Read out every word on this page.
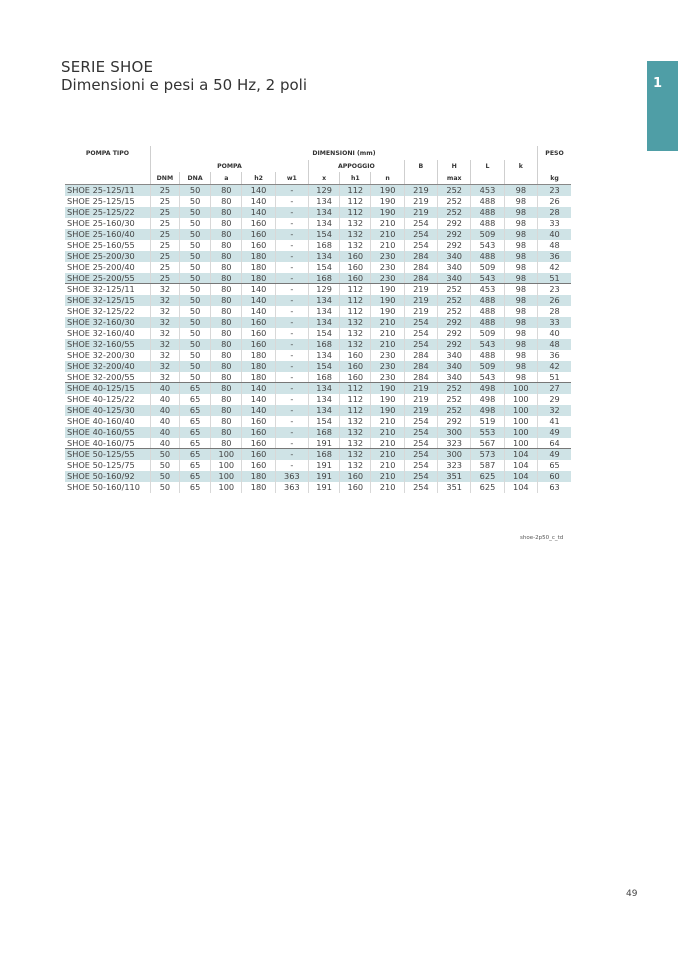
SERIE SHOE
Dimensioni e pesi a 50 Hz, 2 poli	1
POMPA TIPO	DIMENSIONI (mm)												PESO
	POMPA					APPOGGIO			B	H	L	k	
	DNM	DNA	a	h2	w1	x	h1	n		max			kg
SHOE 25-125/11	25	50	80	140	-	129	112	190	219	252	453	98	23
SHOE 25-125/15	25	50	80	140	-	134	112	190	219	252	488	98	26
SHOE 25-125/22	25	50	80	140	-	134	112	190	219	252	488	98	28
SHOE 25-160/30	25	50	80	160	-	134	132	210	254	292	488	98	33
SHOE 25-160/40	25	50	80	160	-	154	132	210	254	292	509	98	40
SHOE 25-160/55	25	50	80	160	-	168	132	210	254	292	543	98	48
SHOE 25-200/30	25	50	80	180	-	134	160	230	284	340	488	98	36
SHOE 25-200/40	25	50	80	180	-	154	160	230	284	340	509	98	42
SHOE 25-200/55	25	50	80	180	-	168	160	230	284	340	543	98	51
SHOE 32-125/11	32	50	80	140	-	129	112	190	219	252	453	98	23
SHOE 32-125/15	32	50	80	140	-	134	112	190	219	252	488	98	26
SHOE 32-125/22	32	50	80	140	-	134	112	190	219	252	488	98	28
SHOE 32-160/30	32	50	80	160	-	134	132	210	254	292	488	98	33
SHOE 32-160/40	32	50	80	160	-	154	132	210	254	292	509	98	40
SHOE 32-160/55	32	50	80	160	-	168	132	210	254	292	543	98	48
SHOE 32-200/30	32	50	80	180	-	134	160	230	284	340	488	98	36
SHOE 32-200/40	32	50	80	180	-	154	160	230	284	340	509	98	42
SHOE 32-200/55	32	50	80	180	-	168	160	230	284	340	543	98	51
SHOE 40-125/15	40	65	80	140	-	134	112	190	219	252	498	100	27
SHOE 40-125/22	40	65	80	140	-	134	112	190	219	252	498	100	29
SHOE 40-125/30	40	65	80	140	-	134	112	190	219	252	498	100	32
SHOE 40-160/40	40	65	80	160	-	154	132	210	254	292	519	100	41
SHOE 40-160/55	40	65	80	160	-	168	132	210	254	300	553	100	49
SHOE 40-160/75	40	65	80	160	-	191	132	210	254	323	567	100	64
SHOE 50-125/55	50	65	100	160	-	168	132	210	254	300	573	104	49
SHOE 50-125/75	50	65	100	160	-	191	132	210	254	323	587	104	65
SHOE 50-160/92	50	65	100	180	363	191	160	210	254	351	625	104	60
SHOE 50-160/110	50	65	100	180	363	191	160	210	254	351	625	104	63
shoe-2p50_c_td
49
